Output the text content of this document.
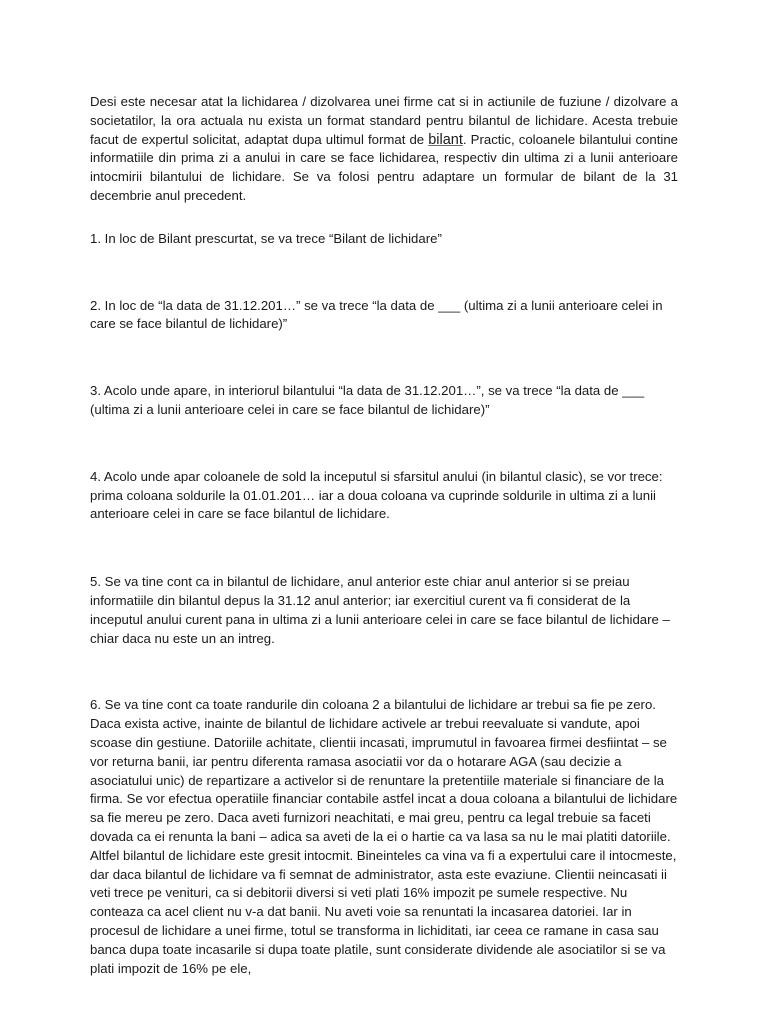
Desi este necesar atat la lichidarea / dizolvarea unei firme cat si in actiunile de fuziune / dizolvare a societatilor, la ora actuala nu exista un format standard pentru bilantul de lichidare. Acesta trebuie facut de expertul solicitat, adaptat dupa ultimul format de bilant. Practic, coloanele bilantului contine informatiile din prima zi a anului in care se face lichidarea, respectiv din ultima zi a lunii anterioare intocmirii bilantului de lichidare. Se va folosi pentru adaptare un formular de bilant de la 31 decembrie anul precedent.

1. In loc de Bilant prescurtat, se va trece “Bilant de lichidare”

2. In loc de “la data de 31.12.201…” se va trece “la data de ___ (ultima zi a lunii anterioare celei in care se face bilantul de lichidare)”

3. Acolo unde apare, in interiorul bilantului “la data de 31.12.201…”, se va trece “la data de ___ (ultima zi a lunii anterioare celei in care se face bilantul de lichidare)”

4. Acolo unde apar coloanele de sold la inceputul si sfarsitul anului (in bilantul clasic), se vor trece: prima coloana soldurile la 01.01.201… iar a doua coloana va cuprinde soldurile in ultima zi a lunii anterioare celei in care se face bilantul de lichidare.

5. Se va tine cont ca in bilantul de lichidare, anul anterior este chiar anul anterior si se preiau informatiile din bilantul depus la 31.12 anul anterior; iar exercitiul curent va fi considerat de la inceputul anului curent pana in ultima zi a lunii anterioare celei in care se face bilantul de lichidare – chiar daca nu este un an intreg.

6. Se va tine cont ca toate randurile din coloana 2 a bilantului de lichidare ar trebui sa fie pe zero. Daca exista active, inainte de bilantul de lichidare activele ar trebui reevaluate si vandute, apoi scoase din gestiune. Datoriile achitate, clientii incasati, imprumutul in favoarea firmei desfiintat – se vor returna banii, iar pentru diferenta ramasa asociatii vor da o hotarare AGA (sau decizie a asociatului unic) de repartizare a activelor si de renuntare la pretentiile materiale si financiare de la firma. Se vor efectua operatiile financiar contabile astfel incat a doua coloana a bilantului de lichidare sa fie mereu pe zero. Daca aveti furnizori neachitati, e mai greu, pentru ca legal trebuie sa faceti dovada ca ei renunta la bani – adica sa aveti de la ei o hartie ca va lasa sa nu le mai platiti datoriile. Altfel bilantul de lichidare este gresit intocmit. Bineinteles ca vina va fi a expertului care il intocmeste, dar daca bilantul de lichidare va fi semnat de administrator, asta este evaziune. Clientii neincasati ii veti trece pe venituri, ca si debitorii diversi si veti plati 16% impozit pe sumele respective. Nu conteaza ca acel client nu v-a dat banii. Nu aveti voie sa renuntati la incasarea datoriei. Iar in procesul de lichidare a unei firme, totul se transforma in lichiditati, iar ceea ce ramane in casa sau banca dupa toate incasarile si dupa toate platile, sunt considerate dividende ale asociatilor si se va plati impozit de 16% pe ele,
